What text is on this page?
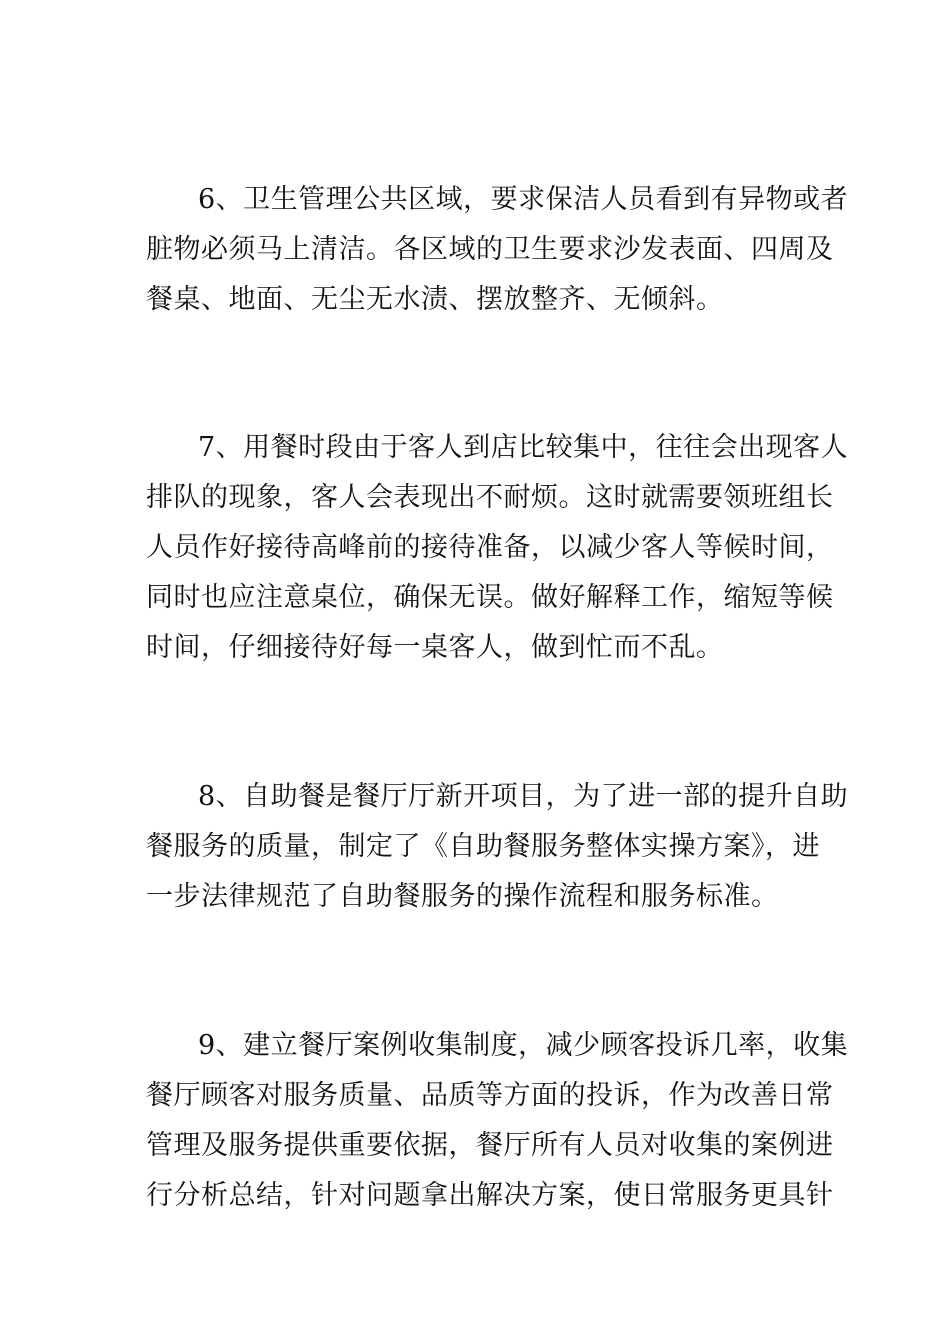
6、卫生管理公共区域，要求保洁人员看到有异物或者
脏物必须马上清洁。各区域的卫生要求沙发表面、四周及
餐桌、地面、无尘无水渍、摆放整齐、无倾斜。
7、用餐时段由于客人到店比较集中，往往会出现客人
排队的现象，客人会表现出不耐烦。这时就需要领班组长
人员作好接待高峰前的接待准备，以减少客人等候时间，
同时也应注意桌位，确保无误。做好解释工作，缩短等候
时间，仔细接待好每一桌客人，做到忙而不乱。
8、自助餐是餐厅厅新开项目，为了进一部的提升自助
餐服务的质量，制定了《自助餐服务整体实操方案》，进
一步法律规范了自助餐服务的操作流程和服务标准。
9、建立餐厅案例收集制度，减少顾客投诉几率，收集
餐厅顾客对服务质量、品质等方面的投诉，作为改善日常
管理及服务提供重要依据，餐厅所有人员对收集的案例进
行分析总结，针对问题拿出解决方案，使日常服务更具针
